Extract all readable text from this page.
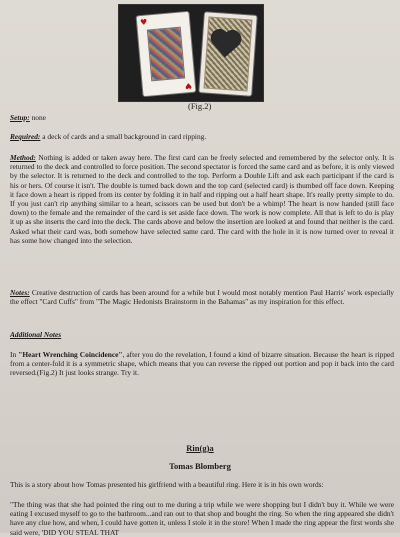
♥
♥
(Fig.2)
Setup: none
Required: a deck of cards and a small background in card ripping.
Method: Nothing is added or taken away here. The first card can be freely selected and remembered by the selector only. It is returned to the deck and controlled to force position. The second spectator is forced the same card and as before, it is only viewed by the selector. It is returned to the deck and controlled to the top. Perform a Double Lift and ask each participant if the card is his or hers. Of course it isn't. The double is turned back down and the top card (selected card) is thumbed off face down. Keeping it face down a heart is ripped from its center by folding it in half and ripping out a half heart shape. It's really pretty simple to do. If you just can't rip anything similar to a heart, scissors can be used but don't be a whimp! The heart is now handed (still face down) to the female and the remainder of the card is set aside face down. The work is now complete. All that is left to do is play it up as she inserts the card into the deck. The cards above and below the insertion are looked at and found that neither is the card. Asked what their card was, both somehow have selected same card. The card with the hole in it is now turned over to reveal it has some how changed into the selection.
Notes: Creative destruction of cards has been around for a while but I would most notably mention Paul Harris' work especially the effect "Card Cuffs" from "The Magic Hedonists Brainstorm in the Bahamas" as my inspiration for this effect.
Additional Notes
In "Heart Wrenching Coincidence", after you do the revelation, I found a kind of bizarre situation. Because the heart is ripped from a center-fold it is a symmetric shape, which means that you can reverse the ripped out portion and pop it back into the card reversed.(Fig.2) It just looks strange. Try it.
Rin(g)a
Tomas Blomberg
This is a story about how Tomas presented his girlfriend with a beautiful ring. Here it is in his own words:
"The thing was that she had pointed the ring out to me during a trip while we were shopping but I didn't buy it. While we were eating I excused myself to go to the bathroom...and ran out to that shop and bought the ring. So when the ring appeared she didn't have any clue how, and when, I could have gotten it, unless I stole it in the store! When I made the ring appear the first words she said were, 'DID YOU STEAL THAT
